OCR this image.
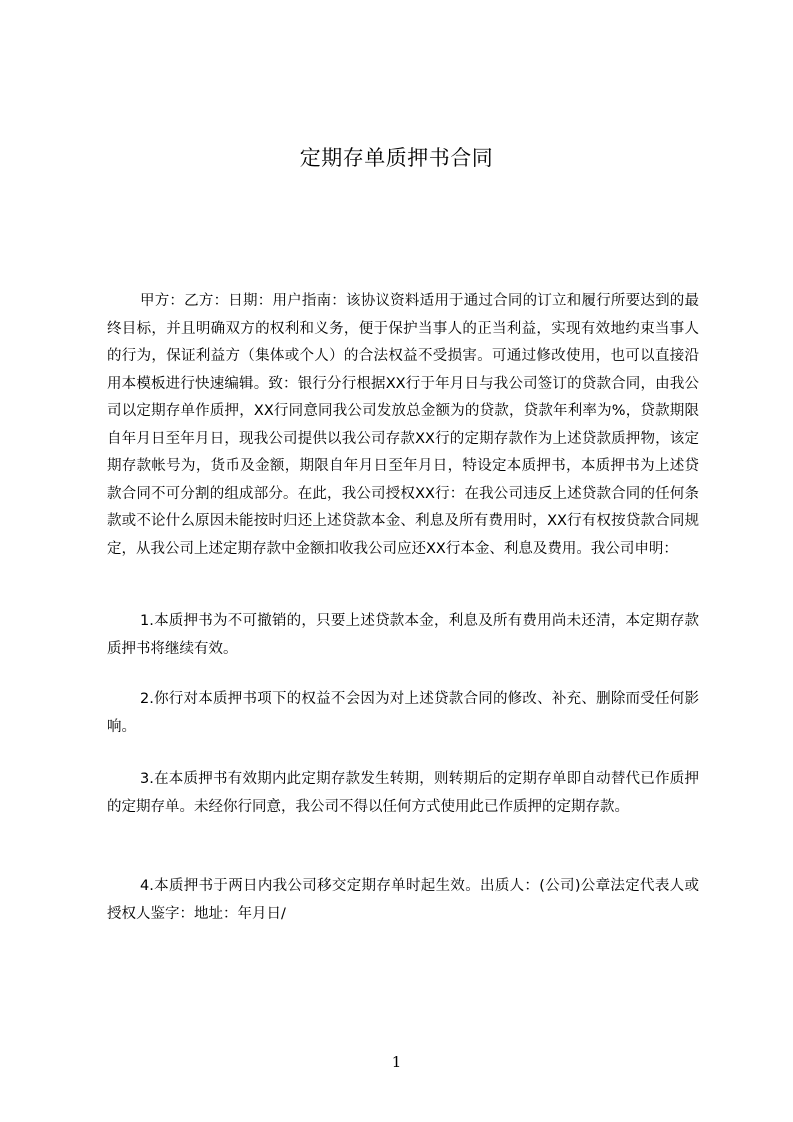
定期存单质押书合同

甲方：乙方：日期：用户指南：该协议资料适用于通过合同的订立和履行所要达到的最终目标，并且明确双方的权利和义务，便于保护当事人的正当利益，实现有效地约束当事人的行为，保证利益方（集体或个人）的合法权益不受损害。可通过修改使用，也可以直接沿用本模板进行快速编辑。致：银行分行根据XX行于年月日与我公司签订的贷款合同，由我公司以定期存单作质押，XX行同意同我公司发放总金额为的贷款，贷款年利率为%，贷款期限自年月日至年月日，现我公司提供以我公司存款XX行的定期存款作为上述贷款质押物，该定期存款帐号为，货币及金额，期限自年月日至年月日，特设定本质押书，本质押书为上述贷款合同不可分割的组成部分。在此，我公司授权XX行：在我公司违反上述贷款合同的任何条款或不论什么原因未能按时归还上述贷款本金、利息及所有费用时，XX行有权按贷款合同规定，从我公司上述定期存款中金额扣收我公司应还XX行本金、利息及费用。我公司申明：

1.本质押书为不可撤销的，只要上述贷款本金，利息及所有费用尚未还清，本定期存款质押书将继续有效。

2.你行对本质押书项下的权益不会因为对上述贷款合同的修改、补充、删除而受任何影响。

3.在本质押书有效期内此定期存款发生转期，则转期后的定期存单即自动替代已作质押的定期存单。未经你行同意，我公司不得以任何方式使用此已作质押的定期存款。

4.本质押书于两日内我公司移交定期存单时起生效。出质人：(公司)公章法定代表人或授权人鉴字：地址：年月日/

1
